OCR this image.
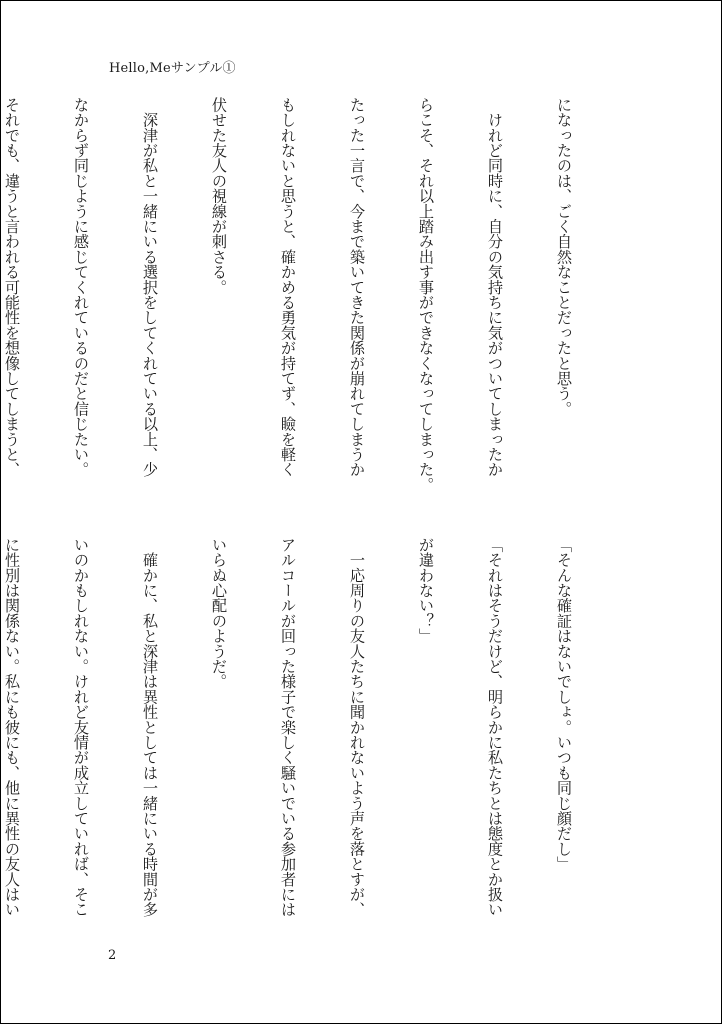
Hello,Meサンプル①

になったのは、ごく自然なことだったと思う。

　けれど同時に、自分の気持ちに気がついてしまったか

らこそ、それ以上踏み出す事ができなくなってしまった。

たった一言で、今まで築いてきた関係が崩れてしまうか

もしれないと思うと、確かめる勇気が持てず、瞼を軽く

伏せた友人の視線が刺さる。

　深津が私と一緒にいる選択をしてくれている以上、少

なからず同じように感じてくれているのだと信じたい。

それでも、違うと言われる可能性を想像してしまうと、

「そんな確証はないでしょ。いつも同じ顔だし」

「それはそうだけど、明らかに私たちとは態度とか扱い

が違わない？」

　一応周りの友人たちに聞かれないよう声を落とすが、

アルコールが回った様子で楽しく騒いでいる参加者には

いらぬ心配のようだ。

　確かに、私と深津は異性としては一緒にいる時間が多

いのかもしれない。けれど友情が成立していれば、そこ

に性別は関係ない。私にも彼にも、他に異性の友人はい

2
